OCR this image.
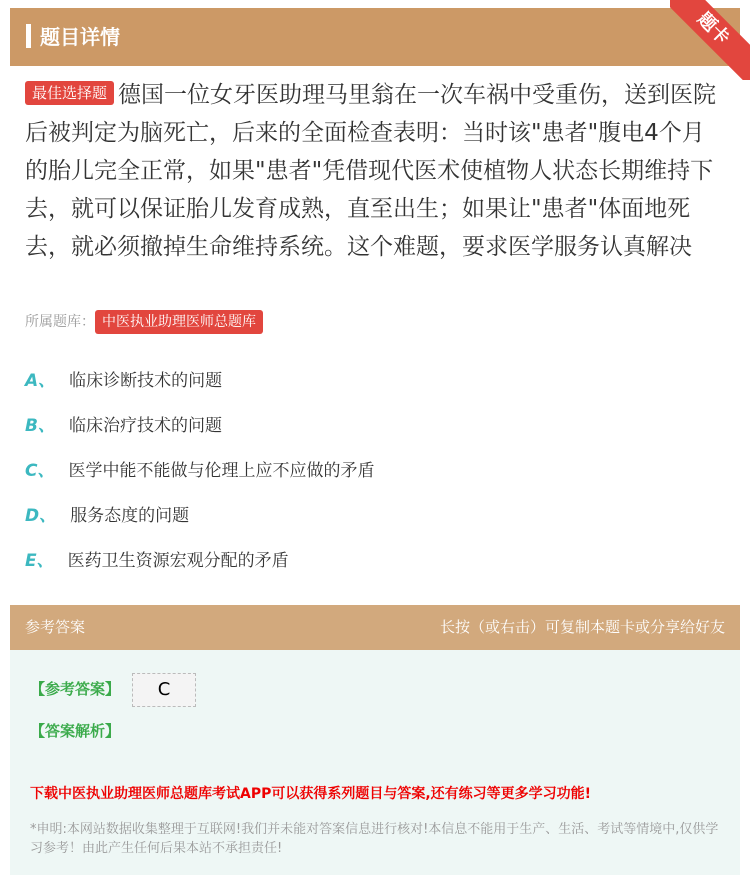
题目详情	题卡
最佳选择题 德国一位女牙医助理马里翁在一次车祸中受重伤，送到医院后被判定为脑死亡，后来的全面检查表明：当时该"患者"腹电4个月的胎儿完全正常，如果"患者"凭借现代医术使植物人状态长期维持下去，就可以保证胎儿发育成熟，直至出生；如果让"患者"体面地死去，就必须撤掉生命维持系统。这个难题，要求医学服务认真解决
所属题库： 中医执业助理医师总题库
A、 临床诊断技术的问题
B、 临床治疗技术的问题
C、 医学中能不能做与伦理上应不应做的矛盾
D、 服务态度的问题
E、 医药卫生资源宏观分配的矛盾
参考答案	长按（或右击）可复制本题卡或分享给好友
【参考答案】	C
【答案解析】
下载中医执业助理医师总题库考试APP可以获得系列题目与答案,还有练习等更多学习功能!
*申明:本网站数据收集整理于互联网!我们并未能对答案信息进行核对!本信息不能用于生产、生活、考试等情境中,仅供学习参考！由此产生任何后果本站不承担责任!
